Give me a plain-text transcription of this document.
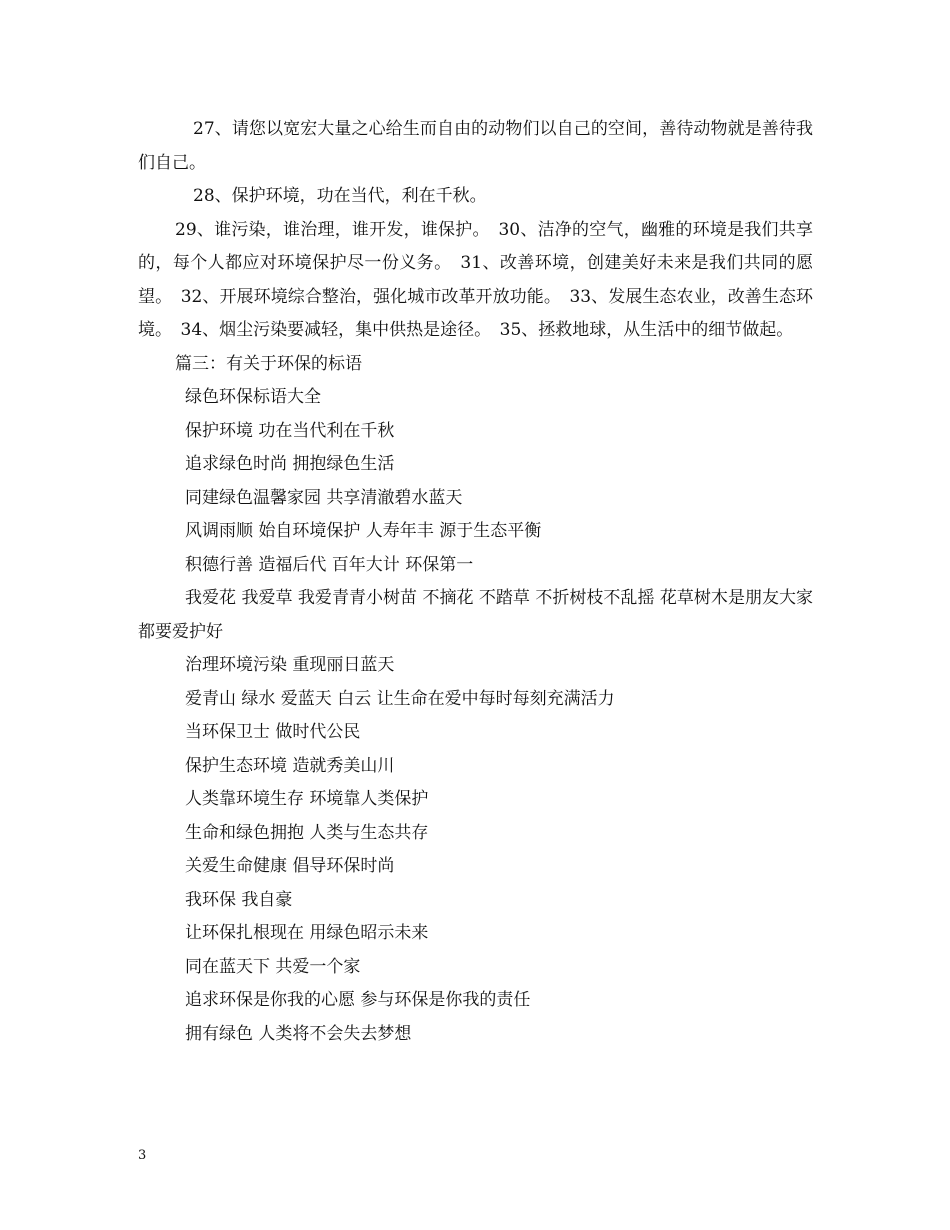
27、请您以宽宏大量之心给生而自由的动物们以自己的空间，善待动物就是善待我们自己。

28、保护环境，功在当代，利在千秋。

29、谁污染，谁治理，谁开发，谁保护。　30、洁净的空气，幽雅的环境是我们共享的，每个人都应对环境保护尽一份义务。　31、改善环境，创建美好未来是我们共同的愿望。　32、开展环境综合整治，强化城市改革开放功能。　33、发展生态农业，改善生态环境。　34、烟尘污染要减轻，集中供热是途径。　35、拯救地球，从生活中的细节做起。

篇三：有关于环保的标语
绿色环保标语大全
保护环境 功在当代利在千秋
追求绿色时尚 拥抱绿色生活
同建绿色温馨家园 共享清澈碧水蓝天
风调雨顺 始自环境保护 人寿年丰 源于生态平衡
积德行善 造福后代 百年大计 环保第一

我爱花 我爱草 我爱青青小树苗 不摘花 不踏草 不折树枝不乱摇 花草树木是朋友大家都要爱护好

治理环境污染 重现丽日蓝天
爱青山 绿水 爱蓝天 白云 让生命在爱中每时每刻充满活力
当环保卫士 做时代公民
保护生态环境 造就秀美山川
人类靠环境生存 环境靠人类保护
生命和绿色拥抱 人类与生态共存
关爱生命健康 倡导环保时尚
我环保 我自豪
让环保扎根现在 用绿色昭示未来
同在蓝天下 共爱一个家
追求环保是你我的心愿 参与环保是你我的责任
拥有绿色 人类将不会失去梦想
3
